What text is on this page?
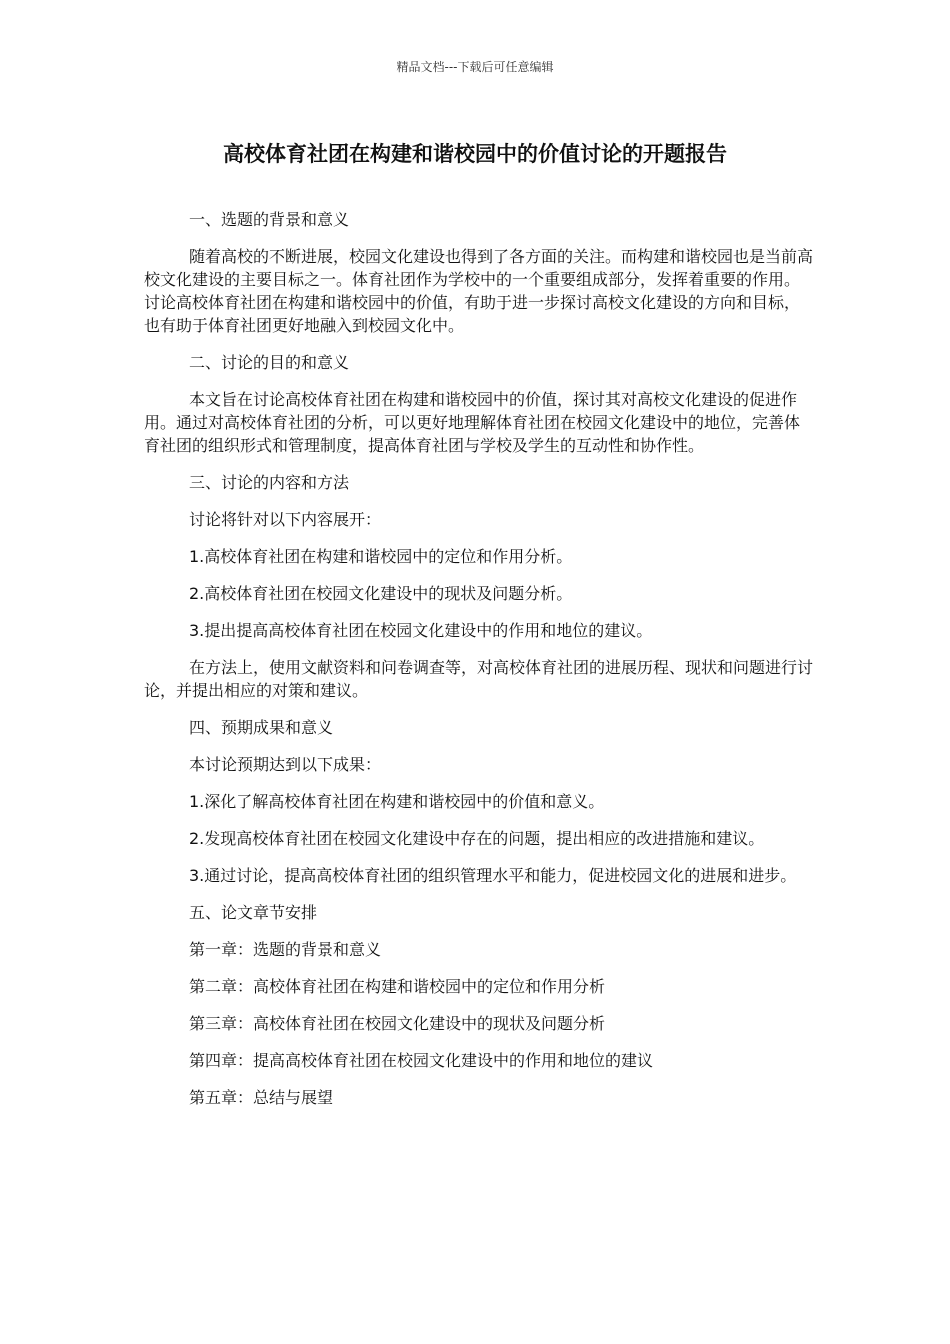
精品文档---下载后可任意编辑
高校体育社团在构建和谐校园中的价值讨论的开题报告

一、选题的背景和意义

随着高校的不断进展，校园文化建设也得到了各方面的关注。而构建和谐校园也是当前高校文化建设的主要目标之一。体育社团作为学校中的一个重要组成部分，发挥着重要的作用。讨论高校体育社团在构建和谐校园中的价值，有助于进一步探讨高校文化建设的方向和目标，也有助于体育社团更好地融入到校园文化中。

二、讨论的目的和意义

本文旨在讨论高校体育社团在构建和谐校园中的价值，探讨其对高校文化建设的促进作用。通过对高校体育社团的分析，可以更好地理解体育社团在校园文化建设中的地位，完善体育社团的组织形式和管理制度，提高体育社团与学校及学生的互动性和协作性。

三、讨论的内容和方法

讨论将针对以下内容展开：

1.高校体育社团在构建和谐校园中的定位和作用分析。

2.高校体育社团在校园文化建设中的现状及问题分析。

3.提出提高高校体育社团在校园文化建设中的作用和地位的建议。

在方法上，使用文献资料和问卷调查等，对高校体育社团的进展历程、现状和问题进行讨论，并提出相应的对策和建议。

四、预期成果和意义

本讨论预期达到以下成果：

1.深化了解高校体育社团在构建和谐校园中的价值和意义。

2.发现高校体育社团在校园文化建设中存在的问题，提出相应的改进措施和建议。

3.通过讨论，提高高校体育社团的组织管理水平和能力，促进校园文化的进展和进步。

五、论文章节安排

第一章：选题的背景和意义

第二章：高校体育社团在构建和谐校园中的定位和作用分析

第三章：高校体育社团在校园文化建设中的现状及问题分析

第四章：提高高校体育社团在校园文化建设中的作用和地位的建议

第五章：总结与展望
